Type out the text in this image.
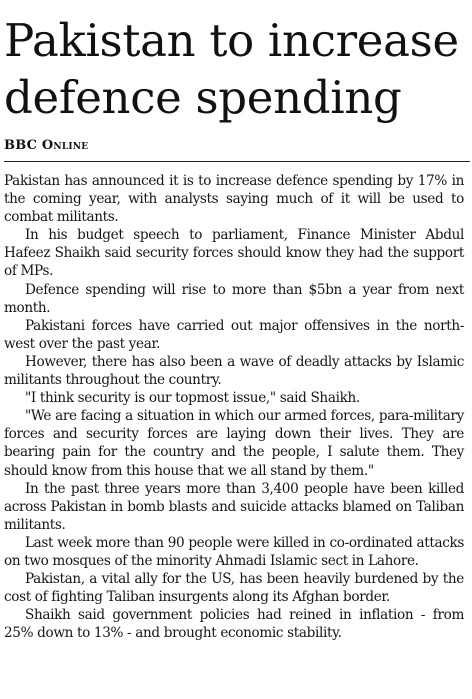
Pakistan to increase
defence spending
BBC Online

Pakistan has announced it is to increase defence spending by 17% in the coming year, with analysts saying much of it will be used to combat militants.

In his budget speech to parliament, Finance Minister Abdul Hafeez Shaikh said security forces should know they had the support of MPs.

Defence spending will rise to more than $5bn a year from next month.

Pakistani forces have carried out major offensives in the north-west over the past year.

However, there has also been a wave of deadly attacks by Islamic militants throughout the country.

"I think security is our topmost issue," said Shaikh.

"We are facing a situation in which our armed forces, para-military forces and security forces are laying down their lives. They are bearing pain for the country and the people, I salute them. They should know from this house that we all stand by them."

In the past three years more than 3,400 people have been killed across Pakistan in bomb blasts and suicide attacks blamed on Taliban militants.

Last week more than 90 people were killed in co-ordinated attacks on two mosques of the minority Ahmadi Islamic sect in Lahore.

Pakistan, a vital ally for the US, has been heavily burdened by the cost of fighting Taliban insurgents along its Afghan border.

Shaikh said government policies had reined in inflation - from 25% down to 13% - and brought economic stability.
